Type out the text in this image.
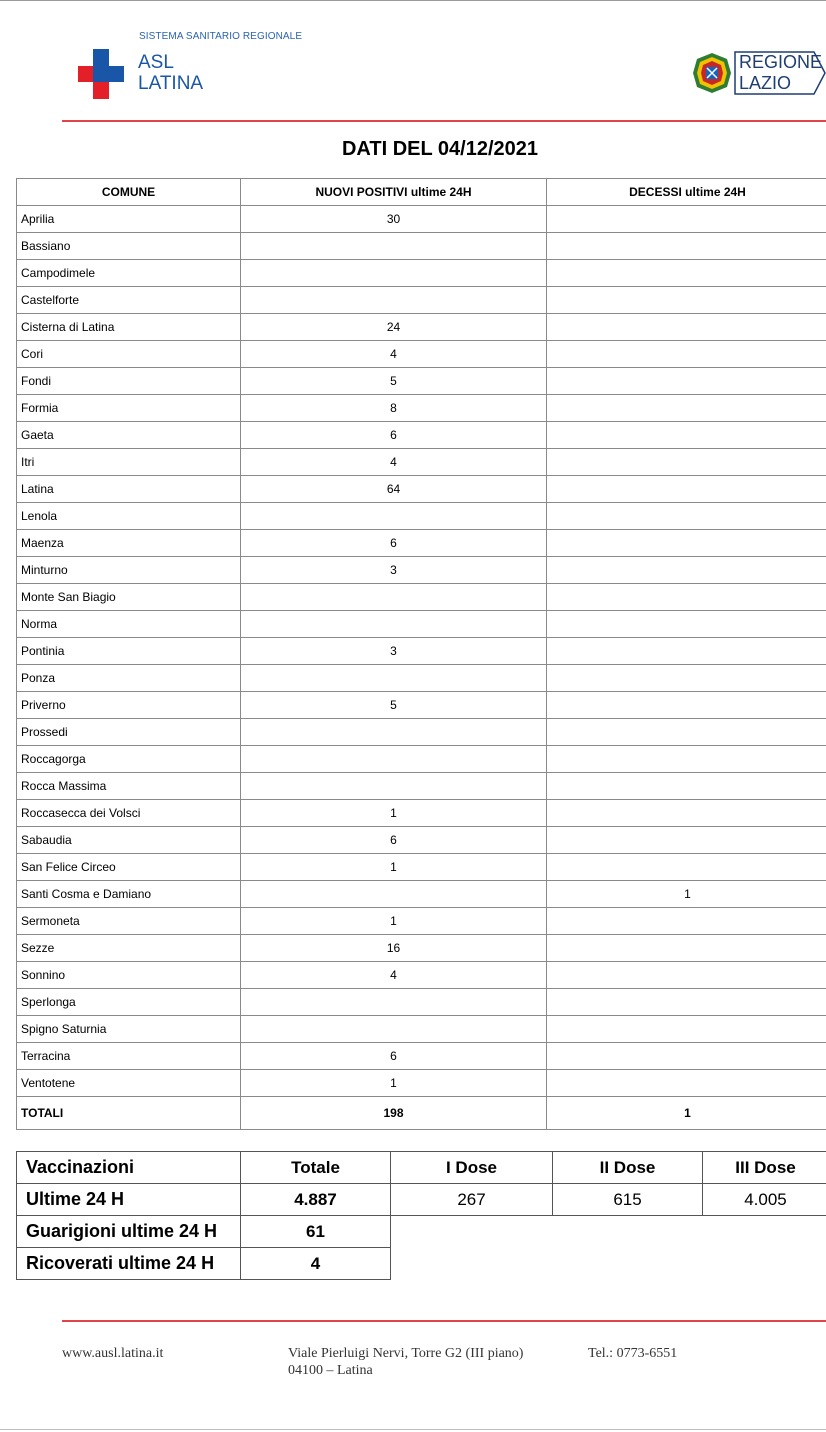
SISTEMA SANITARIO REGIONALE
ASL
LATINA
REGIONE
LAZIO
DATI DEL 04/12/2021
COMUNE	NUOVI POSITIVI ultime 24H	DECESSI ultime 24H
Aprilia	30	
Bassiano		
Campodimele		
Castelforte		
Cisterna di Latina	24	
Cori	4	
Fondi	5	
Formia	8	
Gaeta	6	
Itri	4	
Latina	64	
Lenola		
Maenza	6	
Minturno	3	
Monte San Biagio		
Norma		
Pontinia	3	
Ponza		
Priverno	5	
Prossedi		
Roccagorga		
Rocca Massima		
Roccasecca dei Volsci	1	
Sabaudia	6	
San Felice Circeo	1	
Santi Cosma e Damiano		1
Sermoneta	1	
Sezze	16	
Sonnino	4	
Sperlonga		
Spigno Saturnia		
Terracina	6	
Ventotene	1	
TOTALI	198	1
Vaccinazioni	Totale	I Dose	II Dose	III Dose
Ultime 24 H	4.887	267	615	4.005
Guarigioni ultime 24 H	61			
Ricoverati ultime 24 H	4			
www.ausl.latina.it	Viale Pierluigi Nervi, Torre G2 (III piano)
04100 – Latina
Tel.: 0773-6551
